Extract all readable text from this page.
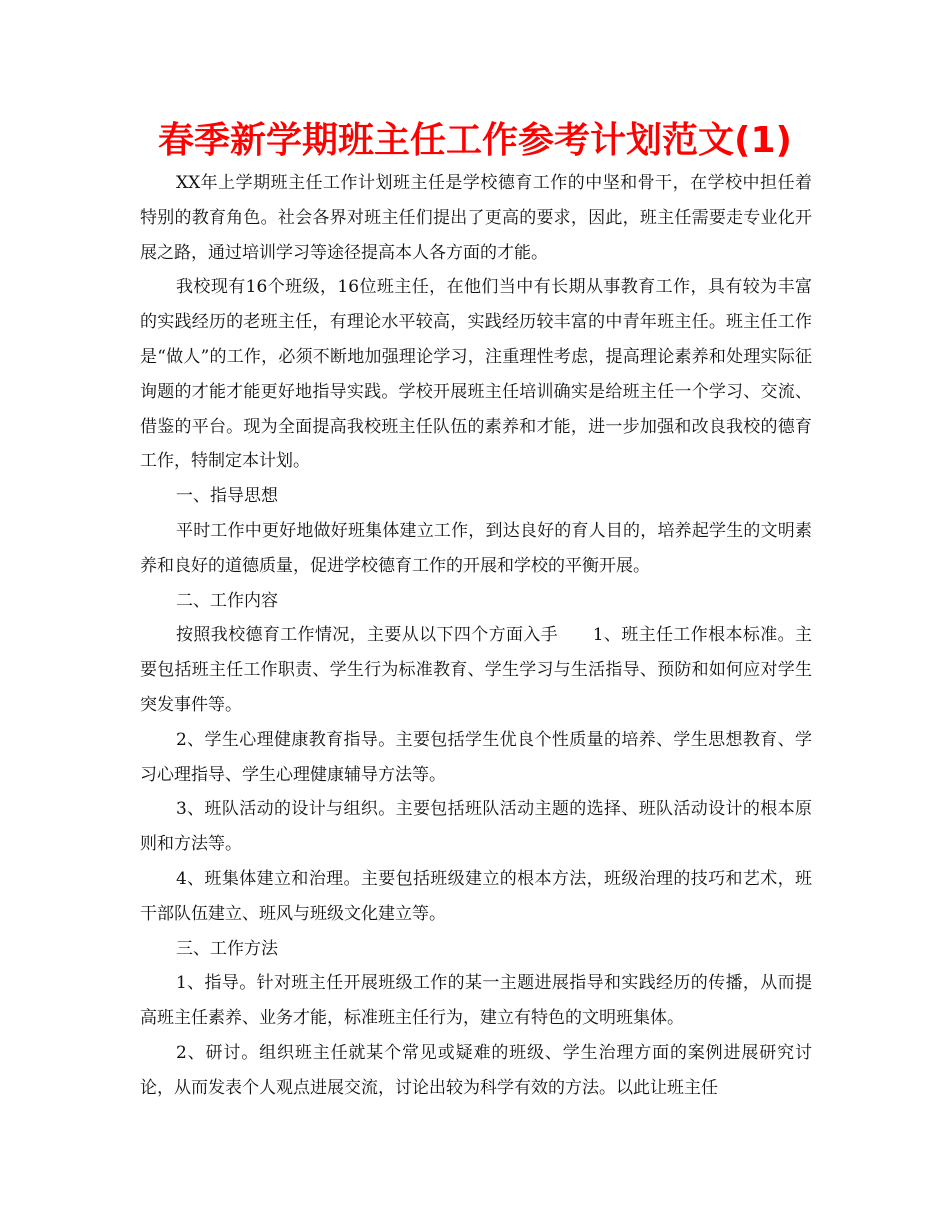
春季新学期班主任工作参考计划范文(1)

XX年上学期班主任工作计划班主任是学校德育工作的中坚和骨干，在学校中担任着特别的教育角色。社会各界对班主任们提出了更高的要求，因此，班主任需要走专业化开展之路，通过培训学习等途径提高本人各方面的才能。

我校现有16个班级，16位班主任，在他们当中有长期从事教育工作，具有较为丰富的实践经历的老班主任，有理论水平较高，实践经历较丰富的中青年班主任。班主任工作是“做人”的工作，必须不断地加强理论学习，注重理性考虑，提高理论素养和处理实际征询题的才能才能更好地指导实践。学校开展班主任培训确实是给班主任一个学习、交流、借鉴的平台。现为全面提高我校班主任队伍的素养和才能，进一步加强和改良我校的德育工作，特制定本计划。

一、指导思想

平时工作中更好地做好班集体建立工作，到达良好的育人目的，培养起学生的文明素养和良好的道德质量，促进学校德育工作的开展和学校的平衡开展。

二、工作内容

按照我校德育工作情况，主要从以下四个方面入手　　1、班主任工作根本标准。主要包括班主任工作职责、学生行为标准教育、学生学习与生活指导、预防和如何应对学生突发事件等。

2、学生心理健康教育指导。主要包括学生优良个性质量的培养、学生思想教育、学习心理指导、学生心理健康辅导方法等。

3、班队活动的设计与组织。主要包括班队活动主题的选择、班队活动设计的根本原则和方法等。

4、班集体建立和治理。主要包括班级建立的根本方法，班级治理的技巧和艺术，班干部队伍建立、班风与班级文化建立等。

三、工作方法

1、指导。针对班主任开展班级工作的某一主题进展指导和实践经历的传播，从而提高班主任素养、业务才能，标准班主任行为，建立有特色的文明班集体。

2、研讨。组织班主任就某个常见或疑难的班级、学生治理方面的案例进展研究讨论，从而发表个人观点进展交流，讨论出较为科学有效的方法。以此让班主任
